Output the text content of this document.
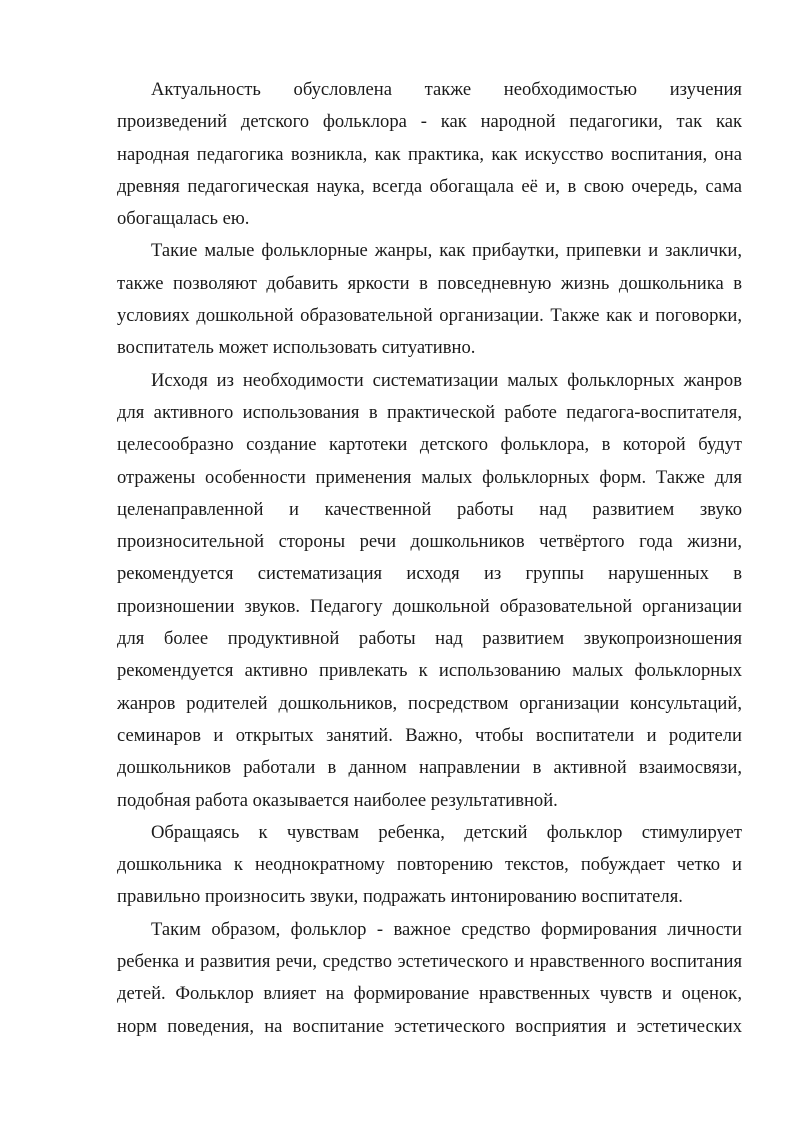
Актуальность обусловлена также необходимостью изучения произведений детского фольклора - как народной педагогики, так как народная педагогика возникла, как практика, как искусство воспитания, она древняя педагогическая наука, всегда обогащала её и, в свою очередь, сама обогащалась ею.

Такие малые фольклорные жанры, как прибаутки, припевки и заклички, также позволяют добавить яркости в повседневную жизнь дошкольника в условиях дошкольной образовательной организации. Также как и поговорки, воспитатель может использовать ситуативно.

Исходя из необходимости систематизации малых фольклорных жанров для активного использования в практической работе педагога-воспитателя, целесообразно создание картотеки детского фольклора, в которой будут отражены особенности применения малых фольклорных форм. Также для целенаправленной и качественной работы над развитием звуко произносительной стороны речи дошкольников четвёртого года жизни, рекомендуется систематизация исходя из группы нарушенных в произношении звуков. Педагогу дошкольной образовательной организации для более продуктивной работы над развитием звукопроизношения рекомендуется активно привлекать к использованию малых фольклорных жанров родителей дошкольников, посредством организации консультаций, семинаров и открытых занятий. Важно, чтобы воспитатели и родители дошкольников работали в данном направлении в активной взаимосвязи, подобная работа оказывается наиболее результативной.

Обращаясь к чувствам ребенка, детский фольклор стимулирует дошкольника к неоднократному повторению текстов, побуждает четко и правильно произносить звуки, подражать интонированию воспитателя.

Таким образом, фольклор - важное средство формирования личности ребенка и развития речи, средство эстетического и нравственного воспитания детей. Фольклор влияет на формирование нравственных чувств и оценок, норм поведения, на воспитание эстетического восприятия и эстетических
